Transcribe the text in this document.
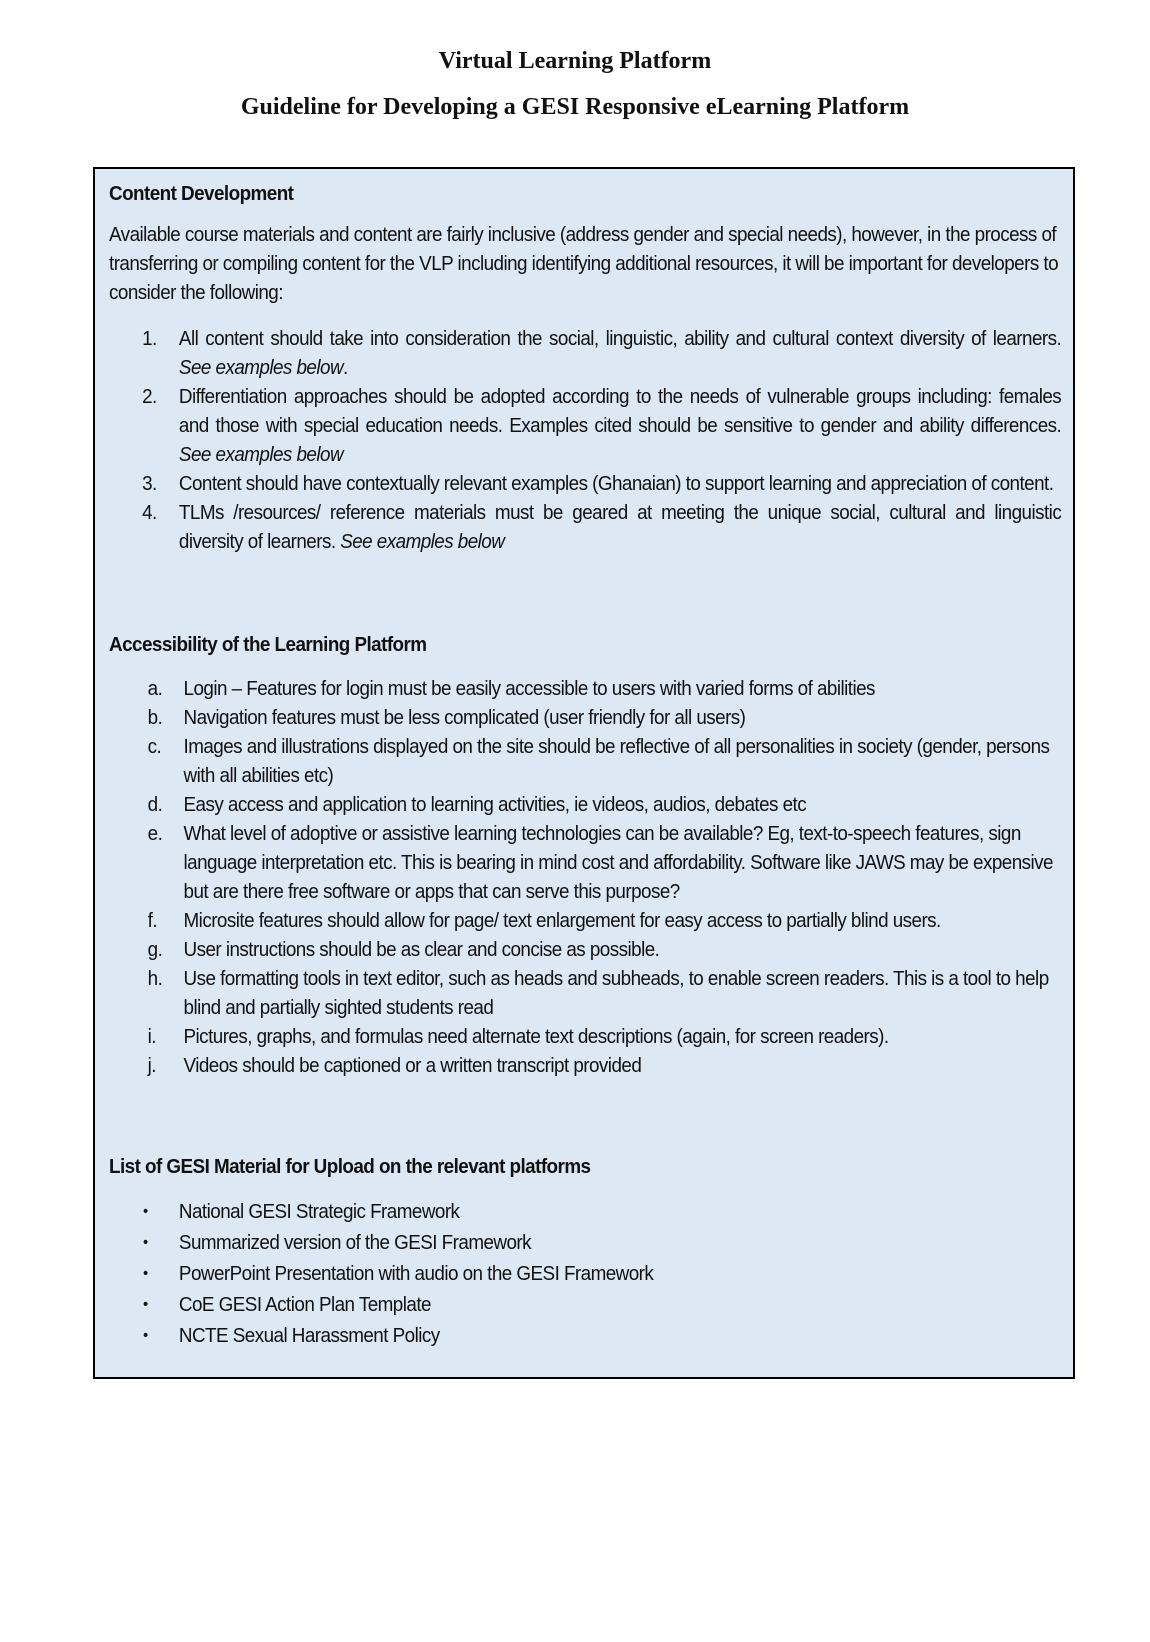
Virtual Learning Platform
Guideline for Developing a GESI Responsive eLearning Platform

Content Development

Available course materials and content are fairly inclusive (address gender and special needs), however, in the process of transferring or compiling content for the VLP including identifying additional resources, it will be important for developers to consider the following:

1. All content should take into consideration the social, linguistic, ability and cultural context diversity of learners. See examples below.
2. Differentiation approaches should be adopted according to the needs of vulnerable groups including: females and those with special education needs. Examples cited should be sensitive to gender and ability differences. See examples below
3. Content should have contextually relevant examples (Ghanaian) to support learning and appreciation of content.
4. TLMs /resources/ reference materials must be geared at meeting the unique social, cultural and linguistic diversity of learners. See examples below

Accessibility of the Learning Platform

a. Login – Features for login must be easily accessible to users with varied forms of abilities
b. Navigation features must be less complicated (user friendly for all users)
c. Images and illustrations displayed on the site should be reflective of all personalities in society (gender, persons with all abilities etc)
d. Easy access and application to learning activities, ie videos, audios, debates etc
e. What level of adoptive or assistive learning technologies can be available? Eg, text-to-speech features, sign language interpretation etc. This is bearing in mind cost and affordability. Software like JAWS may be expensive but are there free software or apps that can serve this purpose?
f. Microsite features should allow for page/ text enlargement for easy access to partially blind users.
g. User instructions should be as clear and concise as possible.
h. Use formatting tools in text editor, such as heads and subheads, to enable screen readers. This is a tool to help blind and partially sighted students read
i. Pictures, graphs, and formulas need alternate text descriptions (again, for screen readers).
j. Videos should be captioned or a written transcript provided

List of GESI Material for Upload on the relevant platforms

• National GESI Strategic Framework
• Summarized version of the GESI Framework
• PowerPoint Presentation with audio on the GESI Framework
• CoE GESI Action Plan Template
• NCTE Sexual Harassment Policy
